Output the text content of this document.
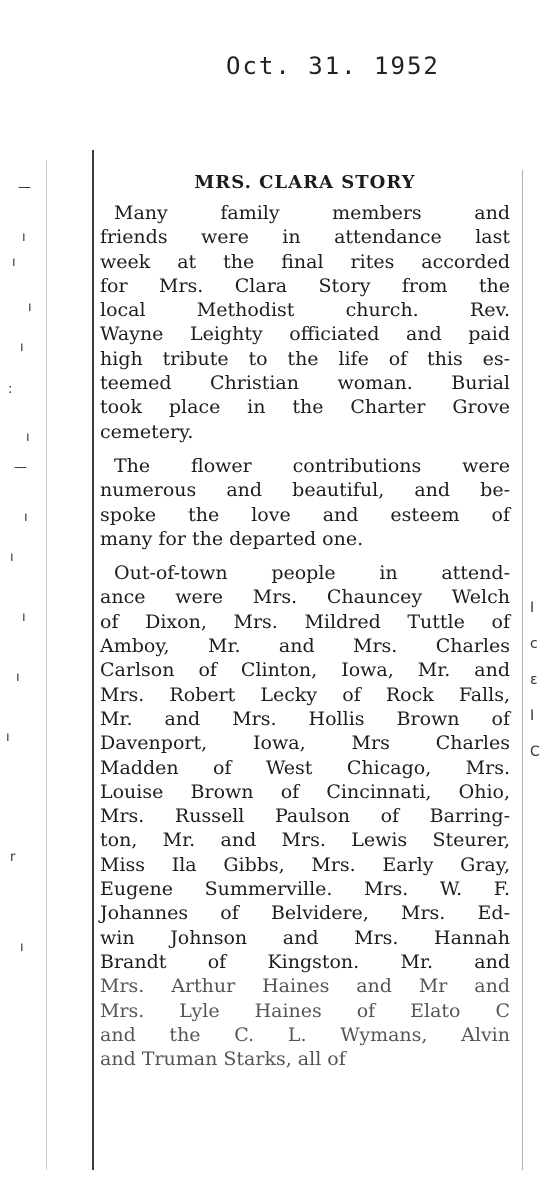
Oct. 31. 1952
—
ı
ı
ı
ı
:
ı
—
ı
ı
ı
ı
ı
r
ı
I
c
ε
I
C
MRS. CLARA STORY
Many family members and
friends were in attendance last
week at the final rites accorded
for Mrs. Clara Story from the
local Methodist church. Rev.
Wayne Leighty officiated and paid
high tribute to the life of this es-
teemed Christian woman. Burial
took place in the Charter Grove
cemetery.
The flower contributions were
numerous and beautiful, and be-
spoke the love and esteem of
many for the departed one.
Out-of-town people in attend-
ance were Mrs. Chauncey Welch
of Dixon, Mrs. Mildred Tuttle of
Amboy, Mr. and Mrs. Charles
Carlson of Clinton, Iowa, Mr. and
Mrs. Robert Lecky of Rock Falls,
Mr. and Mrs. Hollis Brown of
Davenport, Iowa, Mrs Charles
Madden of West Chicago, Mrs.
Louise Brown of Cincinnati, Ohio,
Mrs. Russell Paulson of Barring-
ton, Mr. and Mrs. Lewis Steurer,
Miss Ila Gibbs, Mrs. Early Gray,
Eugene Summerville. Mrs. W. F.
Johannes of Belvidere, Mrs. Ed-
win Johnson and Mrs. Hannah
Brandt of Kingston. Mr. and
Mrs. Arthur Haines and Mr and
Mrs. Lyle Haines of Elato C
and the C. L. Wymans, Alvin
and Truman Starks, all of
